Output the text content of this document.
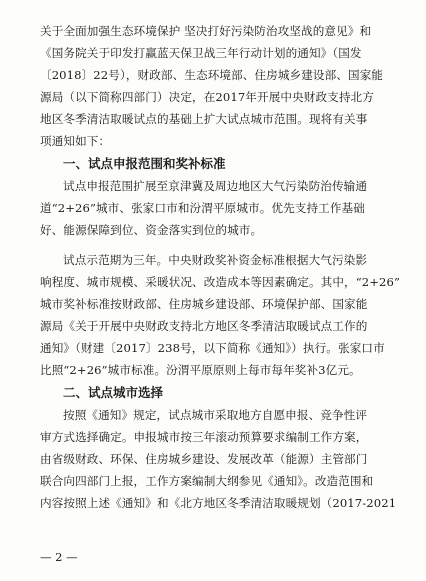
关于全面加强生态环境保护 坚决打好污染防治攻坚战的意见》和
《国务院关于印发打赢蓝天保卫战三年行动计划的通知》（国发
〔2018〕22号），财政部、生态环境部、住房城乡建设部、国家能
源局（以下简称四部门）决定，在2017年开展中央财政支持北方
地区冬季清洁取暖试点的基础上扩大试点城市范围。现将有关事
项通知如下：
一、试点申报范围和奖补标准
试点申报范围扩展至京津冀及周边地区大气污染防治传输通
道“2+26”城市、张家口市和汾渭平原城市。优先支持工作基础
好、能源保障到位、资金落实到位的城市。
试点示范期为三年。中央财政奖补资金标准根据大气污染影
响程度、城市规模、采暖状况、改造成本等因素确定。其中，“2+26”
城市奖补标准按财政部、住房城乡建设部、环境保护部、国家能
源局《关于开展中央财政支持北方地区冬季清洁取暖试点工作的
通知》（财建〔2017〕238号，以下简称《通知》）执行。张家口市
比照“2+26”城市标准。汾渭平原原则上每市每年奖补3亿元。
二、试点城市选择
按照《通知》规定，试点城市采取地方自愿申报、竞争性评
审方式选择确定。申报城市按三年滚动预算要求编制工作方案，
由省级财政、环保、住房城乡建设、发展改革（能源）主管部门
联合向四部门上报，工作方案编制大纲参见《通知》。改造范围和
内容按照上述《通知》和《北方地区冬季清洁取暖规划（2017-2021
— 2 —
